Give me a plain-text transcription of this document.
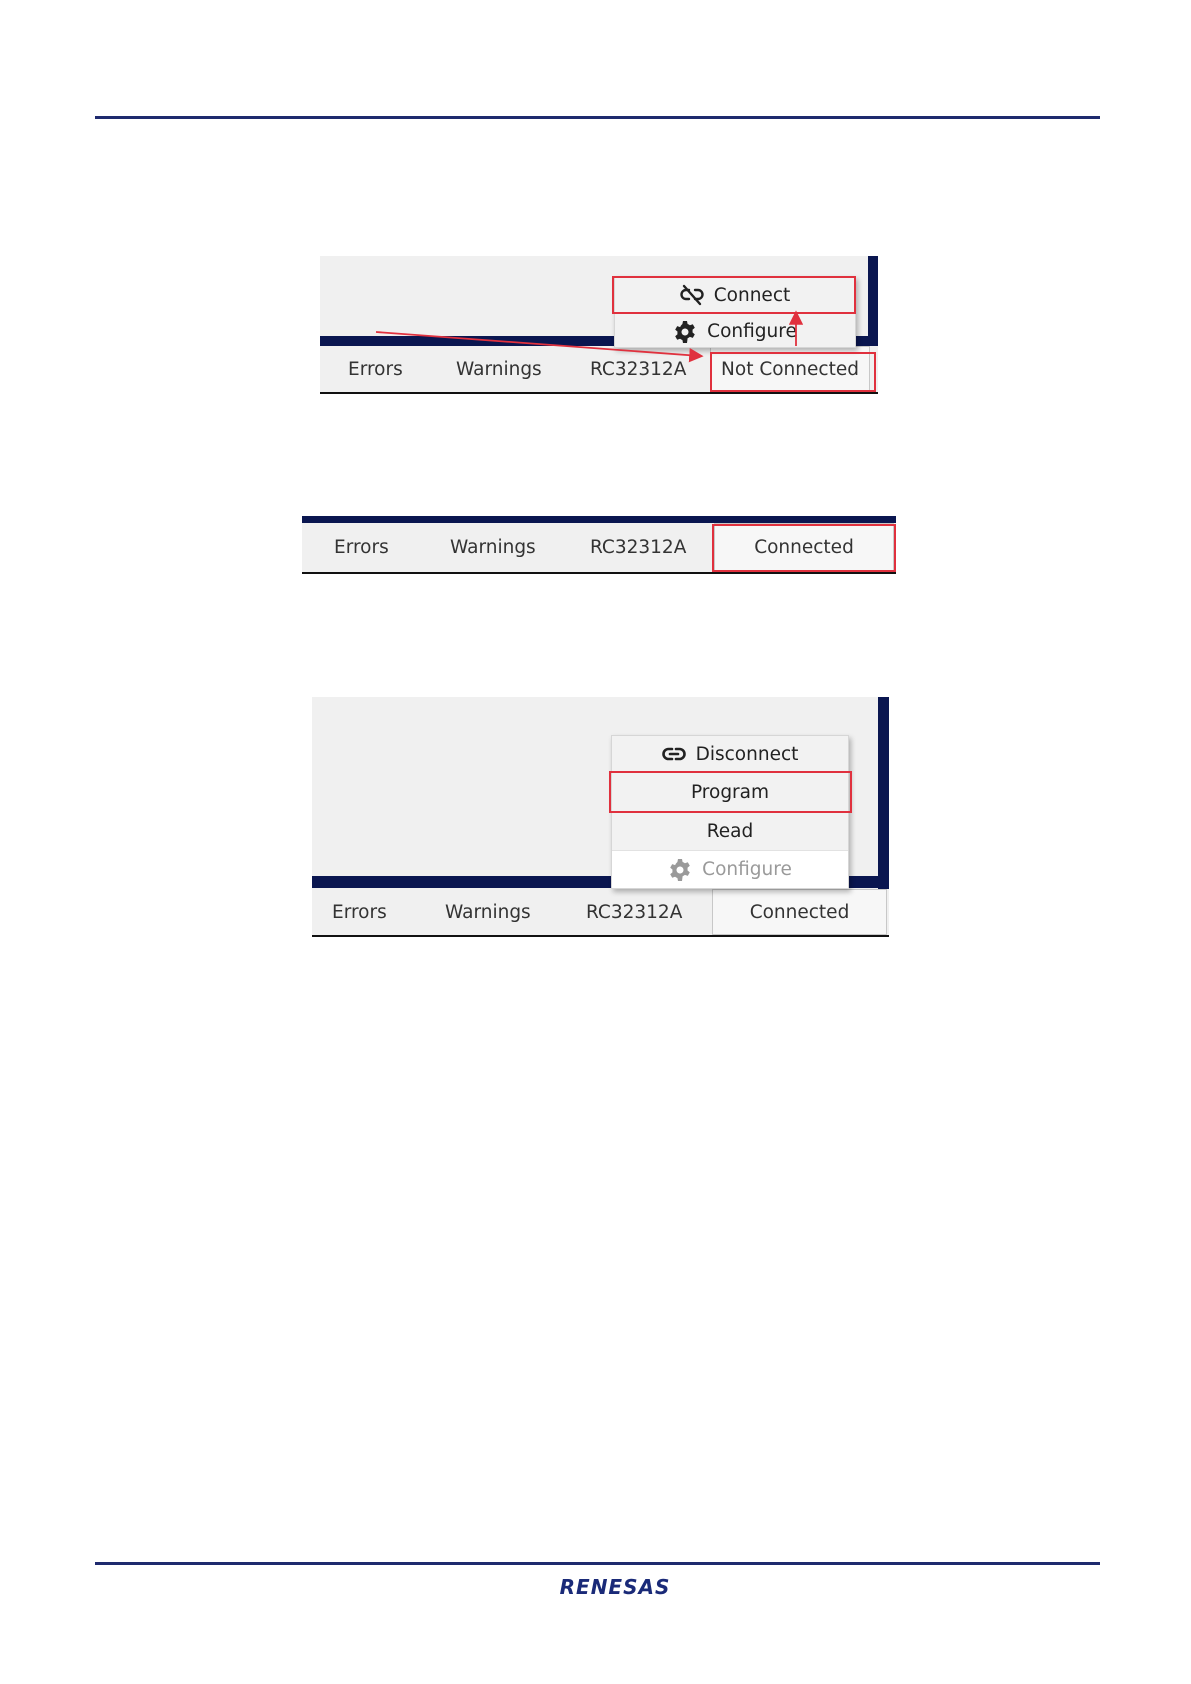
Errors	Warnings	RC32312A	Not Connected
Connect
Configure
Errors	Warnings	RC32312A	Connected
Errors	Warnings	RC32312A	Connected
Disconnect
Program
Read
Configure
RENESAS
